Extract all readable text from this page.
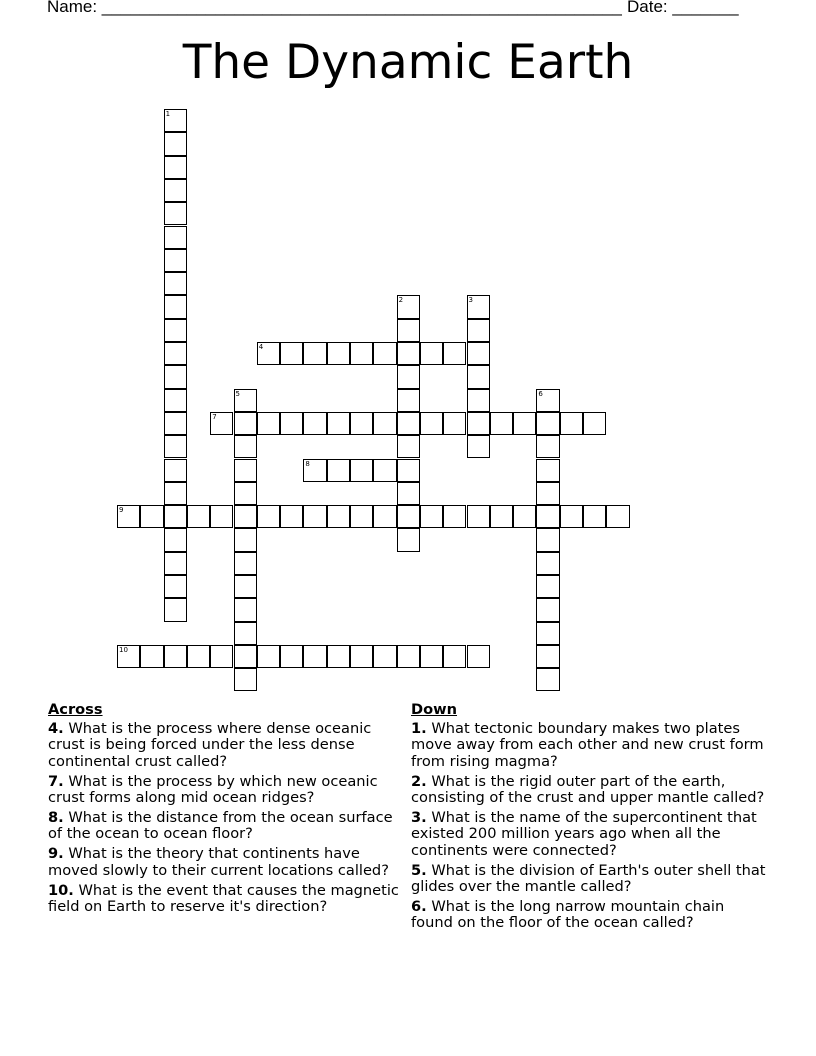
Name: _______________________________________________________ Date: _______
The Dynamic Earth
1
2	3
4
5	6
7
8
9
10
Across
4. What is the process where dense oceanic crust is being forced under the less dense continental crust called?
7. What is the process by which new oceanic crust forms along mid ocean ridges?
8. What is the distance from the ocean surface of the ocean to ocean floor?
9. What is the theory that continents have moved slowly to their current locations called?
10. What is the event that causes the magnetic field on Earth to reserve it's direction?
Down
1. What tectonic boundary makes two plates move away from each other and new crust form from rising magma?
2. What is the rigid outer part of the earth, consisting of the crust and upper mantle called?
3. What is the name of the supercontinent that existed 200 million years ago when all the continents were connected?
5. What is the division of Earth's outer shell that glides over the mantle called?
6. What is the long narrow mountain chain found on the floor of the ocean called?
